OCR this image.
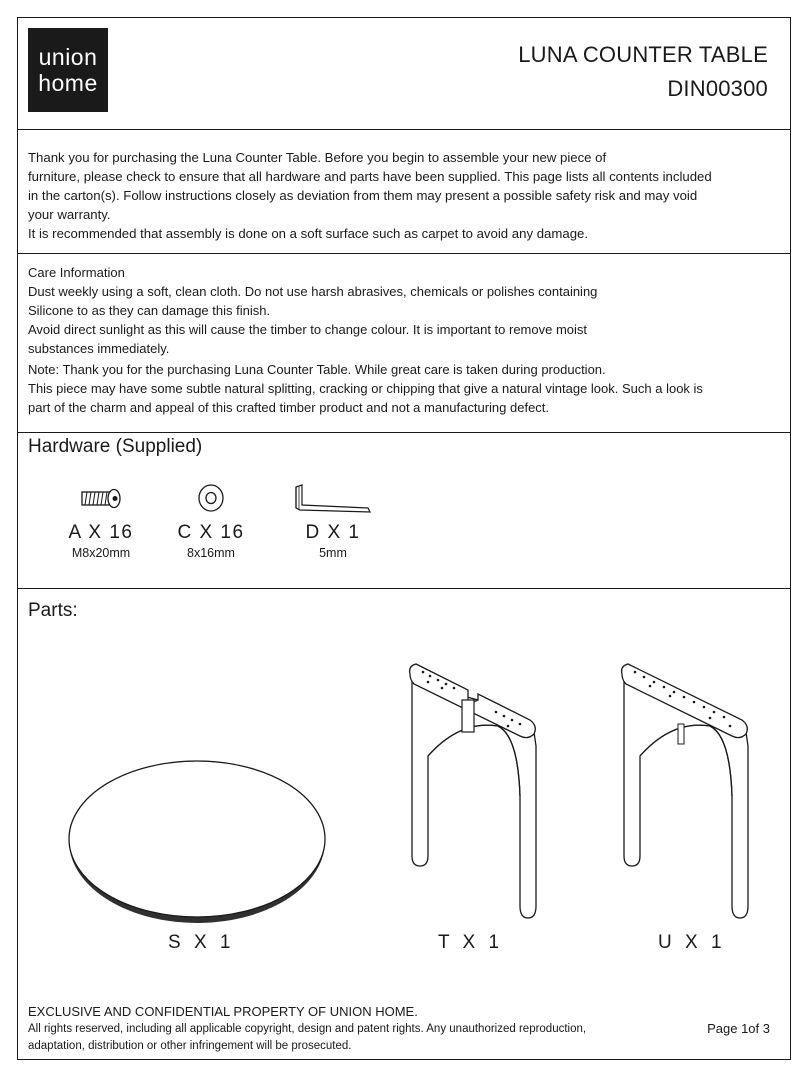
union
home
LUNA COUNTER TABLE
DIN00300
Thank you for purchasing the Luna Counter Table. Before you begin to assemble your new piece of
furniture, please check to ensure that all hardware and parts have been supplied. This page lists all contents included
in the carton(s). Follow instructions closely as deviation from them may present a possible safety risk and may void
your warranty.
It is recommended that assembly is done on a soft surface such as carpet to avoid any damage.
Care Information
Dust weekly using a soft, clean cloth. Do not use harsh abrasives, chemicals or polishes containing
Silicone to as they can damage this finish.
Avoid direct sunlight as this will cause the timber to change colour. It is important to remove moist
substances immediately.
Note: Thank you for the purchasing Luna Counter Table. While great care is taken during production.
This piece may have some subtle natural splitting, cracking or chipping that give a natural vintage look. Such a look is
part of the charm and appeal of this crafted timber product and not a manufacturing defect.
Hardware (Supplied)
A X 16
M8x20mm
C X 16
8x16mm
D X 1
5mm
Parts:
S X 1	T X 1	U X 1
EXCLUSIVE AND CONFIDENTIAL PROPERTY OF UNION HOME.
All rights reserved, including all applicable copyright, design and patent rights. Any unauthorized reproduction,
adaptation, distribution or other infringement will be prosecuted.
Page 1of 3
